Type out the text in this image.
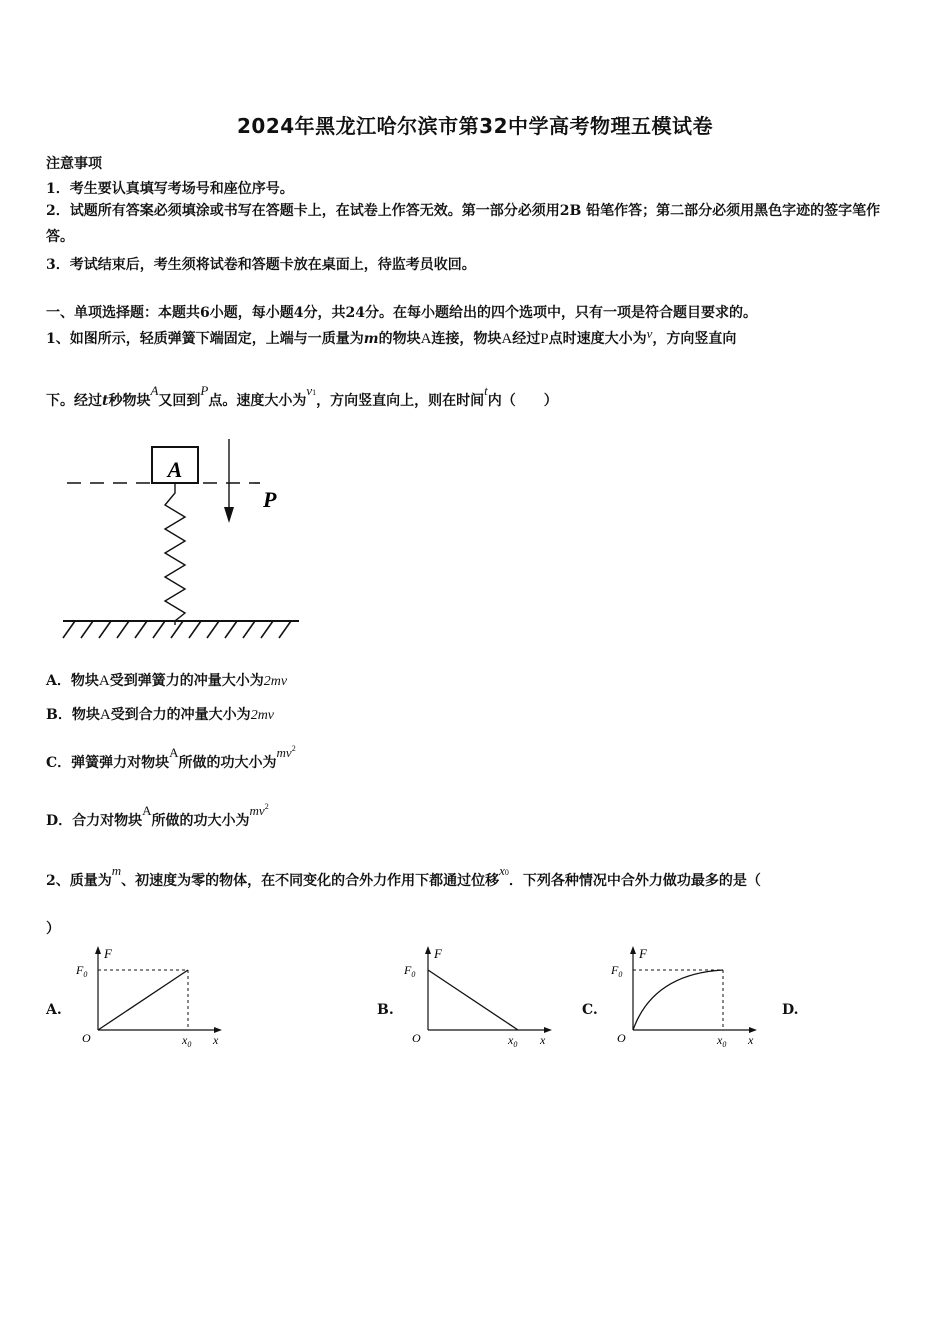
2024年黑龙江哈尔滨市第32中学高考物理五模试卷
注意事项
1．考生要认真填写考场号和座位序号。
2．试题所有答案必须填涂或书写在答题卡上，在试卷上作答无效。第一部分必须用2B 铅笔作答；第二部分必须用黑色字迹的签字笔作答。
3．考试结束后，考生须将试卷和答题卡放在桌面上，待监考员收回。
一、单项选择题：本题共6小题，每小题4分，共24分。在每小题给出的四个选项中，只有一项是符合题目要求的。
1、如图所示，轻质弹簧下端固定，上端与一质量为m的物块A连接，物块A经过P点时速度大小为v，方向竖直向
下。经过t秒物块A又回到P点。速度大小为v1，方向竖直向上，则在时间t内（　　）
A
P
A．物块A受到弹簧力的冲量大小为2mv
B．物块A受到合力的冲量大小为2mv
C．弹簧弹力对物块A所做的功大小为$mv^2$
D．合力对物块A所做的功大小为$mv^2$
2、质量为m、初速度为零的物体，在不同变化的合外力作用下都通过位移x0．下列各种情况中合外力做功最多的是（
）
A.
F
$F_0$
O	$x_0$ x
B.
F
$F_0$
O	$x_0$ x
C.
F
$F_0$
O	$x_0$ x
D.
